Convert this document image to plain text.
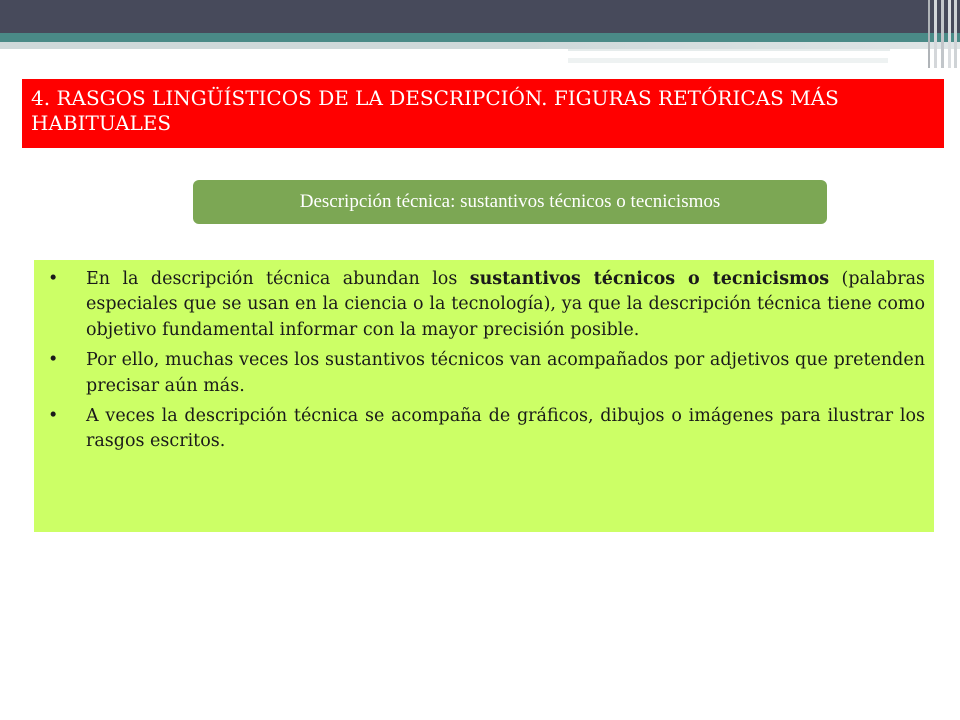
4. RASGOS LINGÜÍSTICOS DE LA DESCRIPCIÓN. FIGURAS RETÓRICAS MÁS HABITUALES
Descripción técnica: sustantivos técnicos o tecnicismos
• En la descripción técnica abundan los sustantivos técnicos o tecnicismos (palabras especiales que se usan en la ciencia o la tecnología), ya que la descripción técnica tiene como objetivo fundamental informar con la mayor precisión posible.
• Por ello, muchas veces los sustantivos técnicos van acompañados por adjetivos que pretenden precisar aún más.
• A veces la descripción técnica se acompaña de gráficos, dibujos o imágenes para ilustrar los rasgos escritos.
